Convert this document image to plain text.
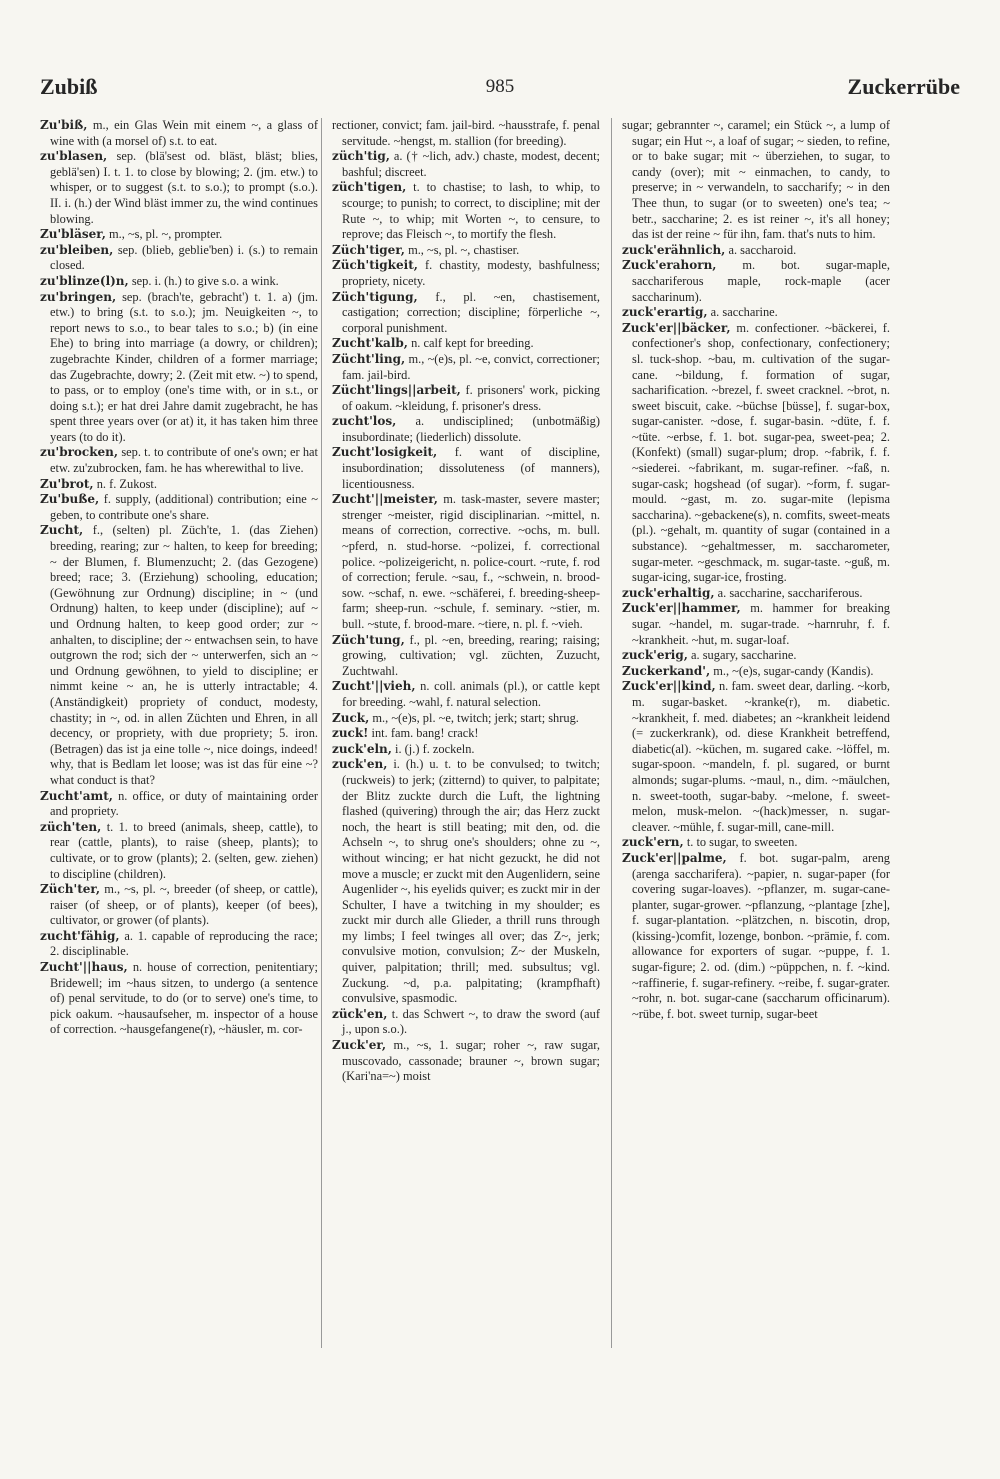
Zubiß	985	Zuckerrübe

Zu'biß, m., ein Glas Wein mit einem ~, a glass of wine with (a morsel of) s.t. to eat.

zu'blasen, sep. (blä'sest od. bläst, bläst; blies, geblä'sen) I. t. 1. to close by blowing; 2. (jm. etw.) to whisper, or to suggest (s.t. to s.o.); to prompt (s.o.). II. i. (h.) der Wind bläst immer zu, the wind continues blowing.

Zu'bläser, m., ~s, pl. ~, prompter.

zu'bleiben, sep. (blieb, geblie'ben) i. (s.) to remain closed.

zu'blinze(l)n, sep. i. (h.) to give s.o. a wink.

zu'bringen, sep. (brach'te, gebracht') t. 1. a) (jm. etw.) to bring (s.t. to s.o.); jm. Neuigkeiten ~, to report news to s.o., to bear tales to s.o.; b) (in eine Ehe) to bring into marriage (a dowry, or children); zugebrachte Kinder, children of a former marriage; das Zugebrachte, dowry; 2. (Zeit mit etw. ~) to spend, to pass, or to employ (one's time with, or in s.t., or doing s.t.); er hat drei Jahre damit zugebracht, he has spent three years over (or at) it, it has taken him three years (to do it).

zu'brocken, sep. t. to contribute of one's own; er hat etw. zu'zubrocken, fam. he has wherewithal to live.

Zu'brot, n. f. Zukost.

Zu'buße, f. supply, (additional) contribution; eine ~ geben, to contribute one's share.

Zucht, f., (selten) pl. Züch'te, 1. (das Ziehen) breeding, rearing; zur ~ halten, to keep for breeding; ~ der Blumen, f. Blumenzucht; 2. (das Gezogene) breed; race; 3. (Erziehung) schooling, education; (Gewöhnung zur Ordnung) discipline; in ~ (und Ordnung) halten, to keep under (discipline); auf ~ und Ordnung halten, to keep good order; zur ~ anhalten, to discipline; der ~ entwachsen sein, to have outgrown the rod; sich der ~ unterwerfen, sich an ~ und Ordnung gewöhnen, to yield to discipline; er nimmt keine ~ an, he is utterly intractable; 4. (Anständigkeit) propriety of conduct, modesty, chastity; in ~, od. in allen Züchten und Ehren, in all decency, or propriety, with due propriety; 5. iron. (Betragen) das ist ja eine tolle ~, nice doings, indeed! why, that is Bedlam let loose; was ist das für eine ~? what conduct is that?

Zucht'amt, n. office, or duty of maintaining order and propriety.

züch'ten, t. 1. to breed (animals, sheep, cattle), to rear (cattle, plants), to raise (sheep, plants); to cultivate, or to grow (plants); 2. (selten, gew. ziehen) to discipline (children).

Züch'ter, m., ~s, pl. ~, breeder (of sheep, or cattle), raiser (of sheep, or of plants), keeper (of bees), cultivator, or grower (of plants).

zucht'fähig, a. 1. capable of reproducing the race; 2. disciplinable.

Zucht'||haus, n. house of correction, penitentiary; Bridewell; im ~haus sitzen, to undergo (a sentence of) penal servitude, to do (or to serve) one's time, to pick oakum. ~hausaufseher, m. inspector of a house of correction. ~hausgefangene(r), ~häusler, m. cor-

rectioner, convict; fam. jail-bird. ~hausstrafe, f. penal servitude. ~hengst, m. stallion (for breeding).

züch'tig, a. († ~lich, adv.) chaste, modest, decent; bashful; discreet.

züch'tigen, t. to chastise; to lash, to whip, to scourge; to punish; to correct, to discipline; mit der Rute ~, to whip; mit Worten ~, to censure, to reprove; das Fleisch ~, to mortify the flesh.

Züch'tiger, m., ~s, pl. ~, chastiser.

Züch'tigkeit, f. chastity, modesty, bashfulness; propriety, nicety.

Züch'tigung, f., pl. ~en, chastisement, castigation; correction; discipline; förperliche ~, corporal punishment.

Zucht'kalb, n. calf kept for breeding.

Zücht'ling, m., ~(e)s, pl. ~e, convict, correctioner; fam. jail-bird.

Zücht'lings||arbeit, f. prisoners' work, picking of oakum. ~kleidung, f. prisoner's dress.

zucht'los, a. undisciplined; (unbotmäßig) insubordinate; (liederlich) dissolute.

Zucht'losigkeit, f. want of discipline, insubordination; dissoluteness (of manners), licentiousness.

Zucht'||meister, m. task-master, severe master; strenger ~meister, rigid disciplinarian. ~mittel, n. means of correction, corrective. ~ochs, m. bull. ~pferd, n. stud-horse. ~polizei, f. correctional police. ~polizeigericht, n. police-court. ~rute, f. rod of correction; ferule. ~sau, f., ~schwein, n. brood-sow. ~schaf, n. ewe. ~schäferei, f. breeding-sheep-farm; sheep-run. ~schule, f. seminary. ~stier, m. bull. ~stute, f. brood-mare. ~tiere, n. pl. f. ~vieh.

Züch'tung, f., pl. ~en, breeding, rearing; raising; growing, cultivation; vgl. züchten, Zuzucht, Zuchtwahl.

Zucht'||vieh, n. coll. animals (pl.), or cattle kept for breeding. ~wahl, f. natural selection.

Zuck, m., ~(e)s, pl. ~e, twitch; jerk; start; shrug.

zuck! int. fam. bang! crack!

zuck'eln, i. (j.) f. zockeln.

zuck'en, i. (h.) u. t. to be convulsed; to twitch; (ruckweis) to jerk; (zitternd) to quiver, to palpitate; der Blitz zuckte durch die Luft, the lightning flashed (quivering) through the air; das Herz zuckt noch, the heart is still beating; mit den, od. die Achseln ~, to shrug one's shoulders; ohne zu ~, without wincing; er hat nicht gezuckt, he did not move a muscle; er zuckt mit den Augenlidern, seine Augenlider ~, his eyelids quiver; es zuckt mir in der Schulter, I have a twitching in my shoulder; es zuckt mir durch alle Glieder, a thrill runs through my limbs; I feel twinges all over; das Z~, jerk; convulsive motion, convulsion; Z~ der Muskeln, quiver, palpitation; thrill; med. subsultus; vgl. Zuckung. ~d, p.a. palpitating; (krampfhaft) convulsive, spasmodic.

zück'en, t. das Schwert ~, to draw the sword (auf j., upon s.o.).

Zuck'er, m., ~s, 1. sugar; roher ~, raw sugar, muscovado, cassonade; brauner ~, brown sugar; (Kari'na=~) moist

sugar; gebrannter ~, caramel; ein Stück ~, a lump of sugar; ein Hut ~, a loaf of sugar; ~ sieden, to refine, or to bake sugar; mit ~ überziehen, to sugar, to candy (over); mit ~ einmachen, to candy, to preserve; in ~ verwandeln, to saccharify; ~ in den Thee thun, to sugar (or to sweeten) one's tea; ~ betr., saccharine; 2. es ist reiner ~, it's all honey; das ist der reine ~ für ihn, fam. that's nuts to him.

zuck'erähnlich, a. saccharoid.

Zuck'erahorn, m. bot. sugar-maple, sacchariferous maple, rock-maple (acer saccharinum).

zuck'erartig, a. saccharine.

Zuck'er||bäcker, m. confectioner. ~bäckerei, f. confectioner's shop, confectionary, confectionery; sl. tuck-shop. ~bau, m. cultivation of the sugar-cane. ~bildung, f. formation of sugar, sacharification. ~brezel, f. sweet cracknel. ~brot, n. sweet biscuit, cake. ~büchse [büsse], f. sugar-box, sugar-canister. ~dose, f. sugar-basin. ~düte, f. f. ~tüte. ~erbse, f. 1. bot. sugar-pea, sweet-pea; 2. (Konfekt) (small) sugar-plum; drop. ~fabrik, f. f. ~siederei. ~fabrikant, m. sugar-refiner. ~faß, n. sugar-cask; hogshead (of sugar). ~form, f. sugar-mould. ~gast, m. zo. sugar-mite (lepisma saccharina). ~gebackene(s), n. comfits, sweet-meats (pl.). ~gehalt, m. quantity of sugar (contained in a substance). ~gehaltmesser, m. saccharometer, sugar-meter. ~geschmack, m. sugar-taste. ~guß, m. sugar-icing, sugar-ice, frosting.

zuck'erhaltig, a. saccharine, sacchariferous.

Zuck'er||hammer, m. hammer for breaking sugar. ~handel, m. sugar-trade. ~harnruhr, f. f. ~krankheit. ~hut, m. sugar-loaf.

zuck'erig, a. sugary, saccharine.

Zuckerkand', m., ~(e)s, sugar-candy (Kandis).

Zuck'er||kind, n. fam. sweet dear, darling. ~korb, m. sugar-basket. ~kranke(r), m. diabetic. ~krankheit, f. med. diabetes; an ~krankheit leidend (= zuckerkrank), od. diese Krankheit betreffend, diabetic(al). ~küchen, m. sugared cake. ~löffel, m. sugar-spoon. ~mandeln, f. pl. sugared, or burnt almonds; sugar-plums. ~maul, n., dim. ~mäulchen, n. sweet-tooth, sugar-baby. ~melone, f. sweet-melon, musk-melon. ~(hack)messer, n. sugar-cleaver. ~mühle, f. sugar-mill, cane-mill.

zuck'ern, t. to sugar, to sweeten.

Zuck'er||palme, f. bot. sugar-palm, areng (arenga saccharifera). ~papier, n. sugar-paper (for covering sugar-loaves). ~pflanzer, m. sugar-cane-planter, sugar-grower. ~pflanzung, ~plantage [zhe], f. sugar-plantation. ~plätzchen, n. biscotin, drop, (kissing-)comfit, lozenge, bonbon. ~prämie, f. com. allowance for exporters of sugar. ~puppe, f. 1. sugar-figure; 2. od. (dim.) ~püppchen, n. f. ~kind. ~raffinerie, f. sugar-refinery. ~reibe, f. sugar-grater. ~rohr, n. bot. sugar-cane (saccharum officinarum). ~rübe, f. bot. sweet turnip, sugar-beet
